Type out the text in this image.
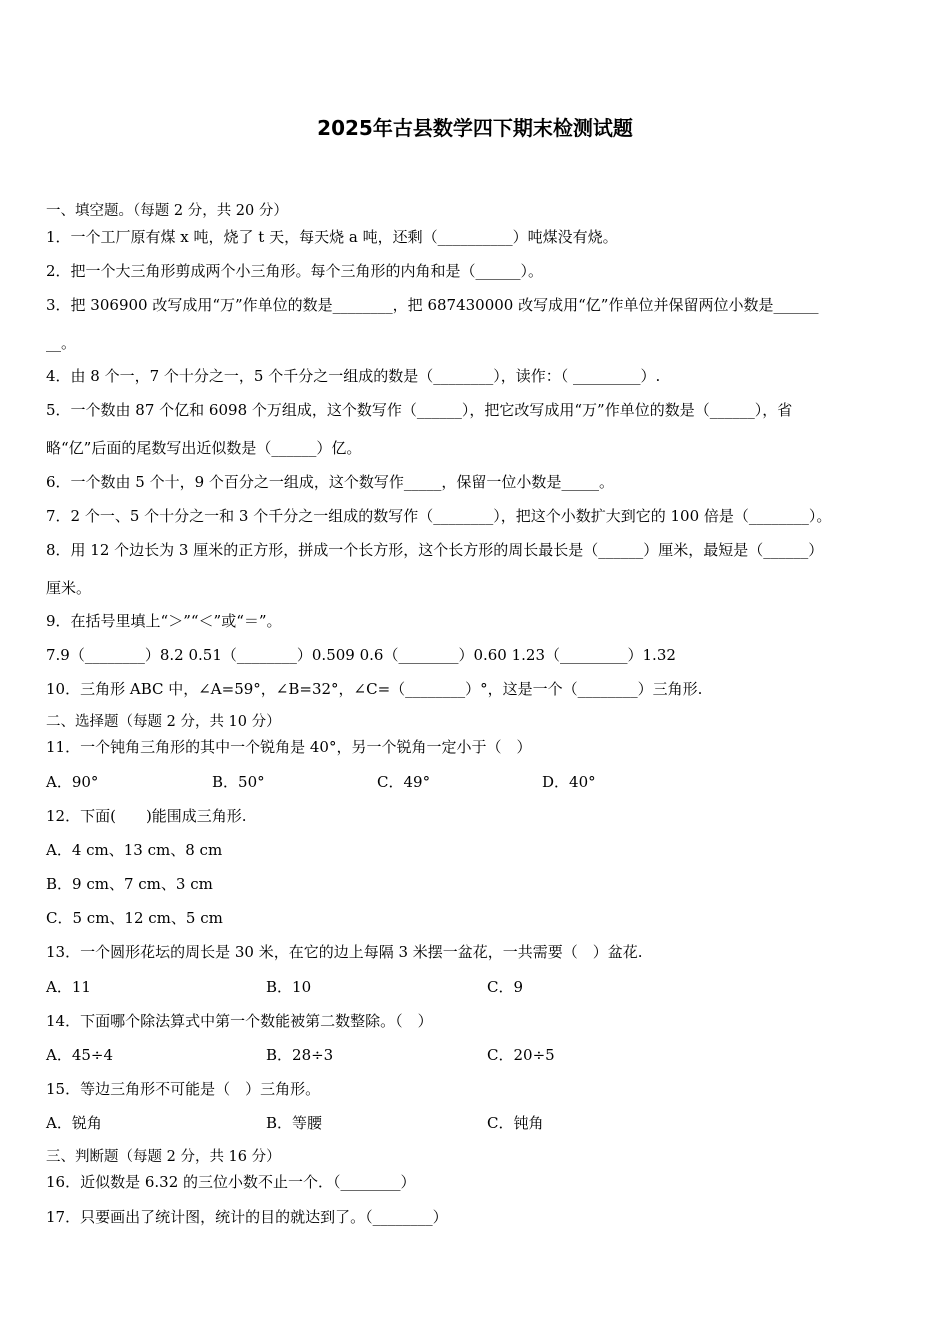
2025年古县数学四下期末检测试题
一、填空题。（每题 2 分，共 20 分）
1．一个工厂原有煤 x 吨，烧了 t 天，每天烧 a 吨，还剩（__________）吨煤没有烧。
2．把一个大三角形剪成两个小三角形。每个三角形的内角和是（______）。
3．把 306900 改写成用“万”作单位的数是________，把 687430000 改写成用“亿”作单位并保留两位小数是______
__。
4．由 8 个一，7 个十分之一，5 个千分之一组成的数是（________），读作：（ _________）.
5．一个数由 87 个亿和 6098 个万组成，这个数写作（______），把它改写成用“万”作单位的数是（______），省
略“亿”后面的尾数写出近似数是（______）亿。
6．一个数由 5 个十，9 个百分之一组成，这个数写作_____，保留一位小数是_____。
7．2 个一、5 个十分之一和 3 个千分之一组成的数写作（________），把这个小数扩大到它的 100 倍是（________）。
8．用 12 个边长为 3 厘米的正方形，拼成一个长方形，这个长方形的周长最长是（______）厘米，最短是（______）
厘米。
9．在括号里填上“＞”“＜”或“＝”。
7.9（________）8.2 0.51（________）0.509 0.6（________）0.60 1.23（_________）1.32
10．三角形 ABC 中，∠A=59°，∠B=32°，∠C=（________）°，这是一个（________）三角形.
二、选择题（每题 2 分，共 10 分）
11．一个钝角三角形的其中一个锐角是 40°，另一个锐角一定小于（　）
A．90°	B．50°	C．49°	D．40°
12．下面(　　)能围成三角形.
A．4 cm、13 cm、8 cm
B．9 cm、7 cm、3 cm
C．5 cm、12 cm、5 cm
13．一个圆形花坛的周长是 30 米，在它的边上每隔 3 米摆一盆花，一共需要（　）盆花.
A．11	B．10	C．9
14．下面哪个除法算式中第一个数能被第二数整除。（　）
A．45÷4	B．28÷3	C．20÷5
15．等边三角形不可能是（　）三角形。
A．锐角	B．等腰	C．钝角
三、判断题（每题 2 分，共 16 分）
16．近似数是 6.32 的三位小数不止一个．（________）
17．只要画出了统计图，统计的目的就达到了。（________）
